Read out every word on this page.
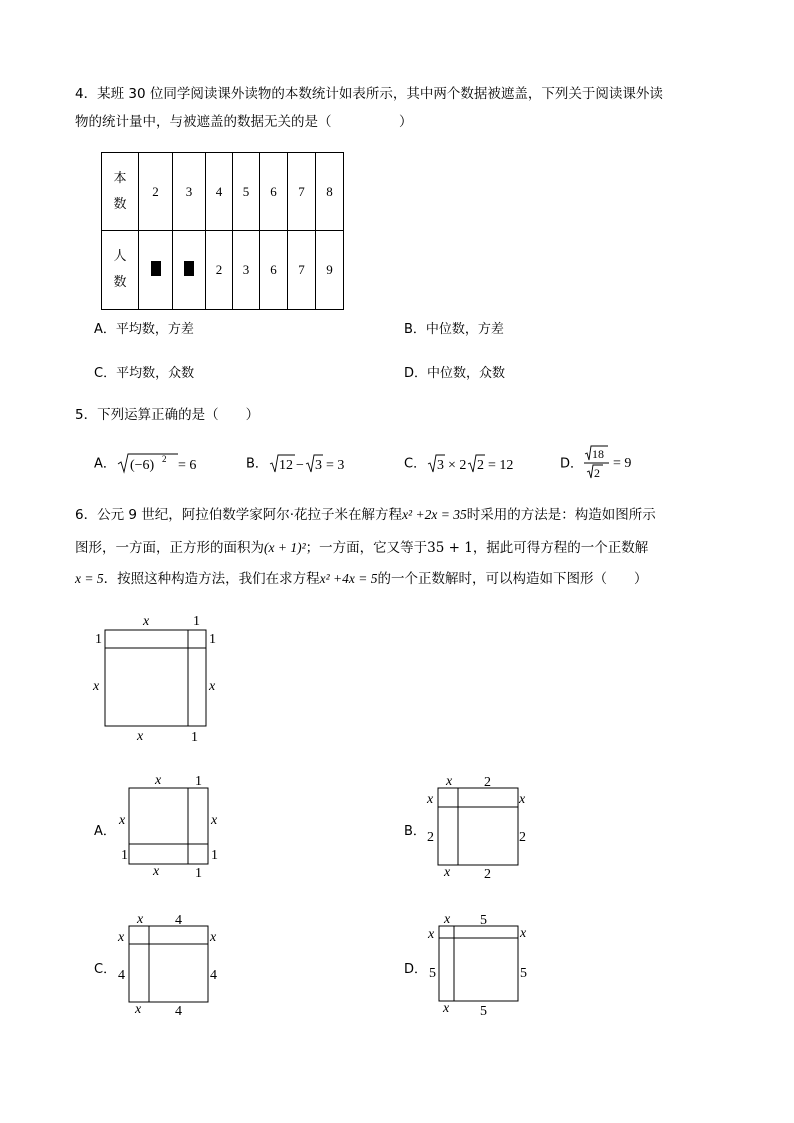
4．某班 30 位同学阅读课外读物的本数统计如表所示，其中两个数据被遮盖，下列关于阅读课外读
物的统计量中，与被遮盖的数据无关的是（　　　　　）
本
数	2	3	4	5	6	7	8

人
数			2	3	6	7	9
A．平均数，方差	B．中位数，方差
C．平均数，众数	D．中位数，众数
5．下列运算正确的是（　　）
A． (−6) 2 = 6	B． 12 − 3 = 3	C． 3 × 2 2 = 12	D．
18
2
= 9
6．公元 9 世纪，阿拉伯数学家阿尔·花拉子米在解方程x² +2x = 35时采用的方法是：构造如图所示
图形，一方面，正方形的面积为(x + 1)²；一方面，它又等于35 + 1，据此可得方程的一个正数解
x = 5．按照这种构造方法，我们在求方程x² +4x = 5的一个正数解时，可以构造如下图形（　　）
x	1
1	1
x	x
x	1
A．
x 1
x	x
1	1
x	1
B．
x 2
x	x
2	2
x 2
C．
x 4
x	x
4	4
x 4
D．
x 5
x	x
5	5
x 5
